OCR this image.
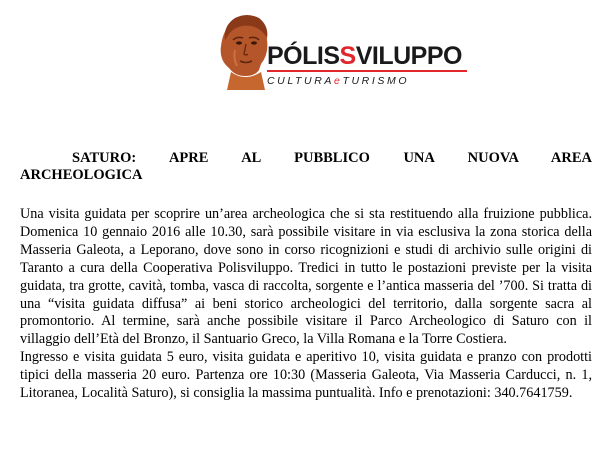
PÓLISSVILUPPO
CULTURAeTURISMO
SATURO: APRE AL PUBBLICO UNA NUOVA AREA
ARCHEOLOGICA

Una visita guidata per scoprire un’area archeologica che si sta restituendo alla fruizione pubblica. Domenica 10 gennaio 2016 alle 10.30, sarà possibile visitare in via esclusiva la zona storica della Masseria Galeota, a Leporano, dove sono in corso ricognizioni e studi di archivio sulle origini di Taranto a cura della Cooperativa Polisviluppo. Tredici in tutto le postazioni previste per la visita guidata, tra grotte, cavità, tomba, vasca di raccolta, sorgente e l’antica masseria del ’700. Si tratta di una “visita guidata diffusa” ai beni storico archeologici del territorio, dalla sorgente sacra al promontorio. Al termine, sarà anche possibile visitare il Parco Archeologico di Saturo con il villaggio dell’Età del Bronzo, il Santuario Greco, la Villa Romana e la Torre Costiera.

Ingresso e visita guidata 5 euro, visita guidata e aperitivo 10, visita guidata e pranzo con prodotti tipici della masseria 20 euro. Partenza ore 10:30 (Masseria Galeota, Via Masseria Carducci, n. 1, Litoranea, Località Saturo), si consiglia la massima puntualità. Info e prenotazioni: 340.7641759.
